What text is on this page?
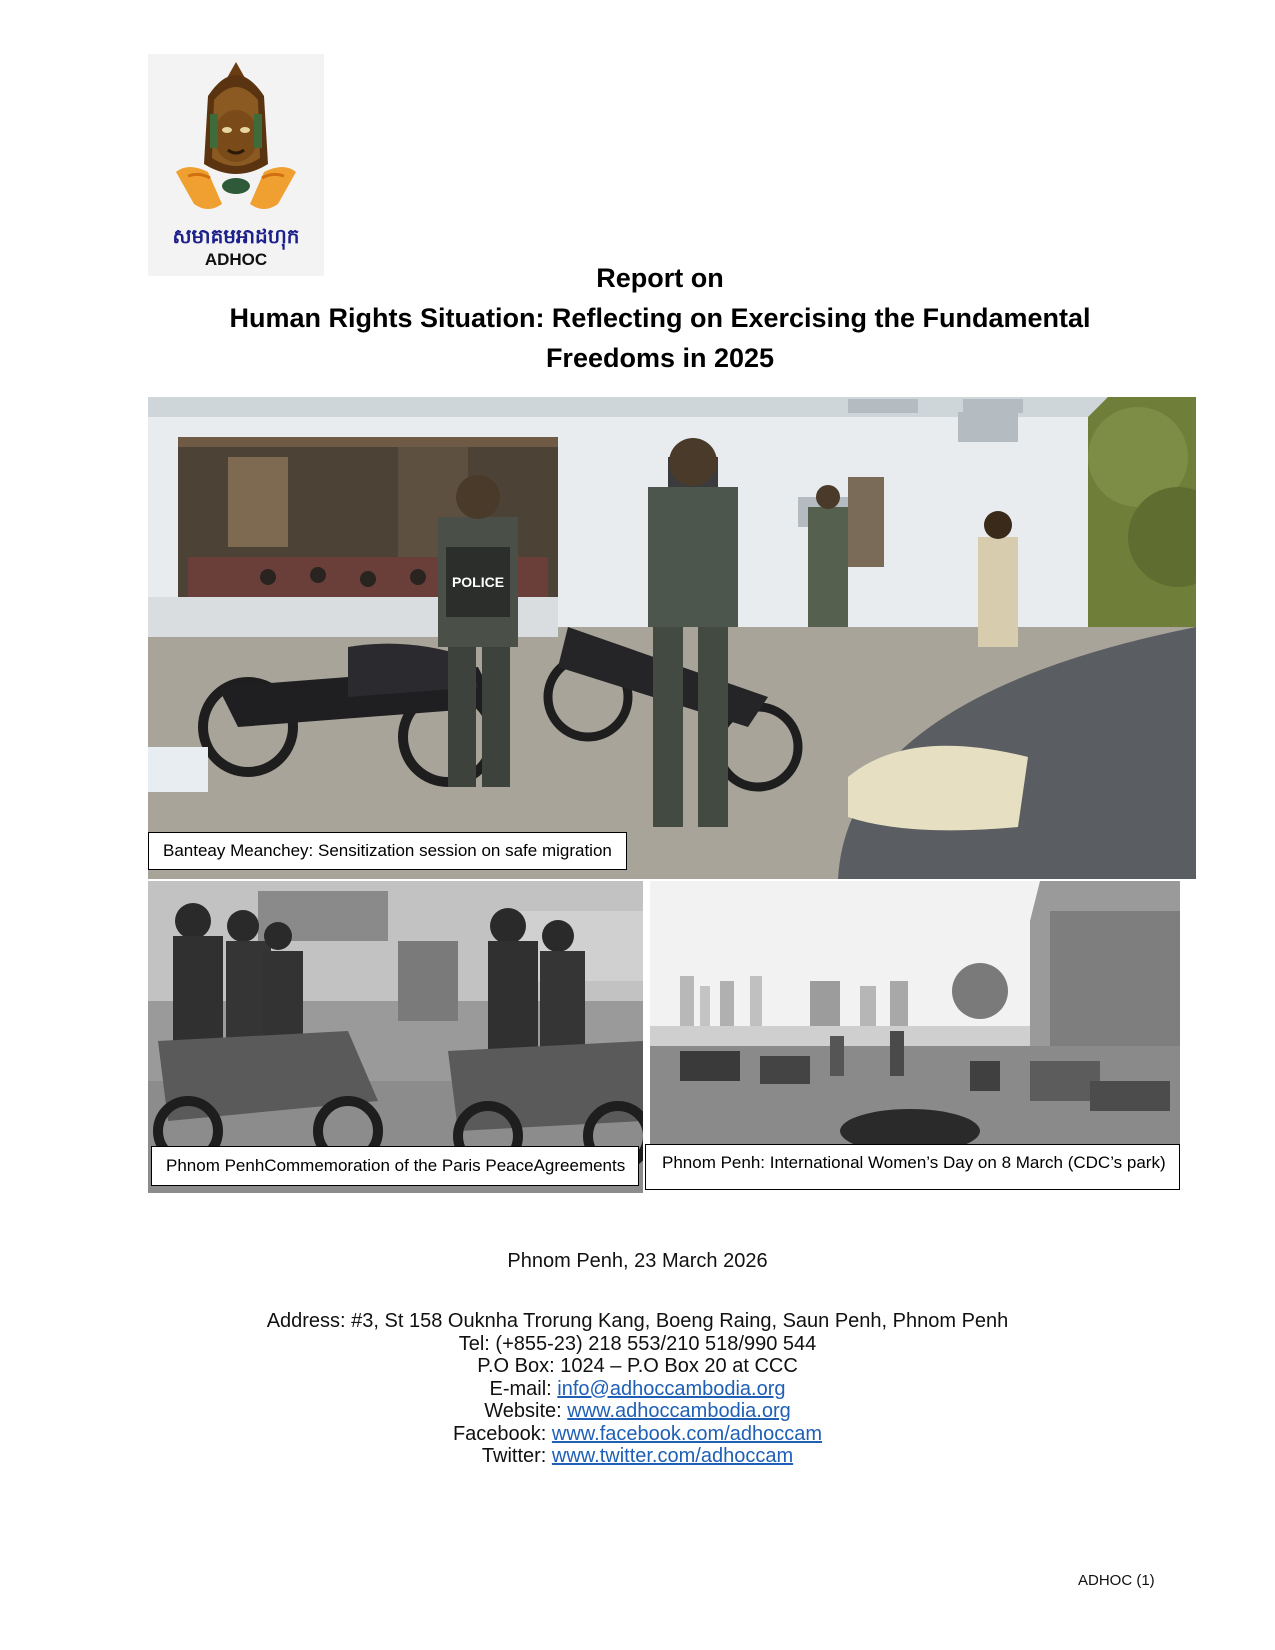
សមាគមអាដហុក
ADHOC
Report on
Human Rights Situation: Reflecting on Exercising the Fundamental
Freedoms in 2025
POLICE
Banteay Meanchey: Sensitization session on safe migration
Phnom PenhCommemoration of the Paris PeaceAgreements	Phnom Penh: International Women’s Day on 8 March (CDC’s park)
Phnom Penh, 23 March 2026
Address: #3, St 158 Ouknha Trorung Kang, Boeng Raing, Saun Penh, Phnom Penh
Tel: (+855-23) 218 553/210 518/990 544
P.O Box: 1024 – P.O Box 20 at CCC
E-mail: info@adhoccambodia.org
Website: www.adhoccambodia.org
Facebook: www.facebook.com/adhoccam
Twitter: www.twitter.com/adhoccam
ADHOC (1)
